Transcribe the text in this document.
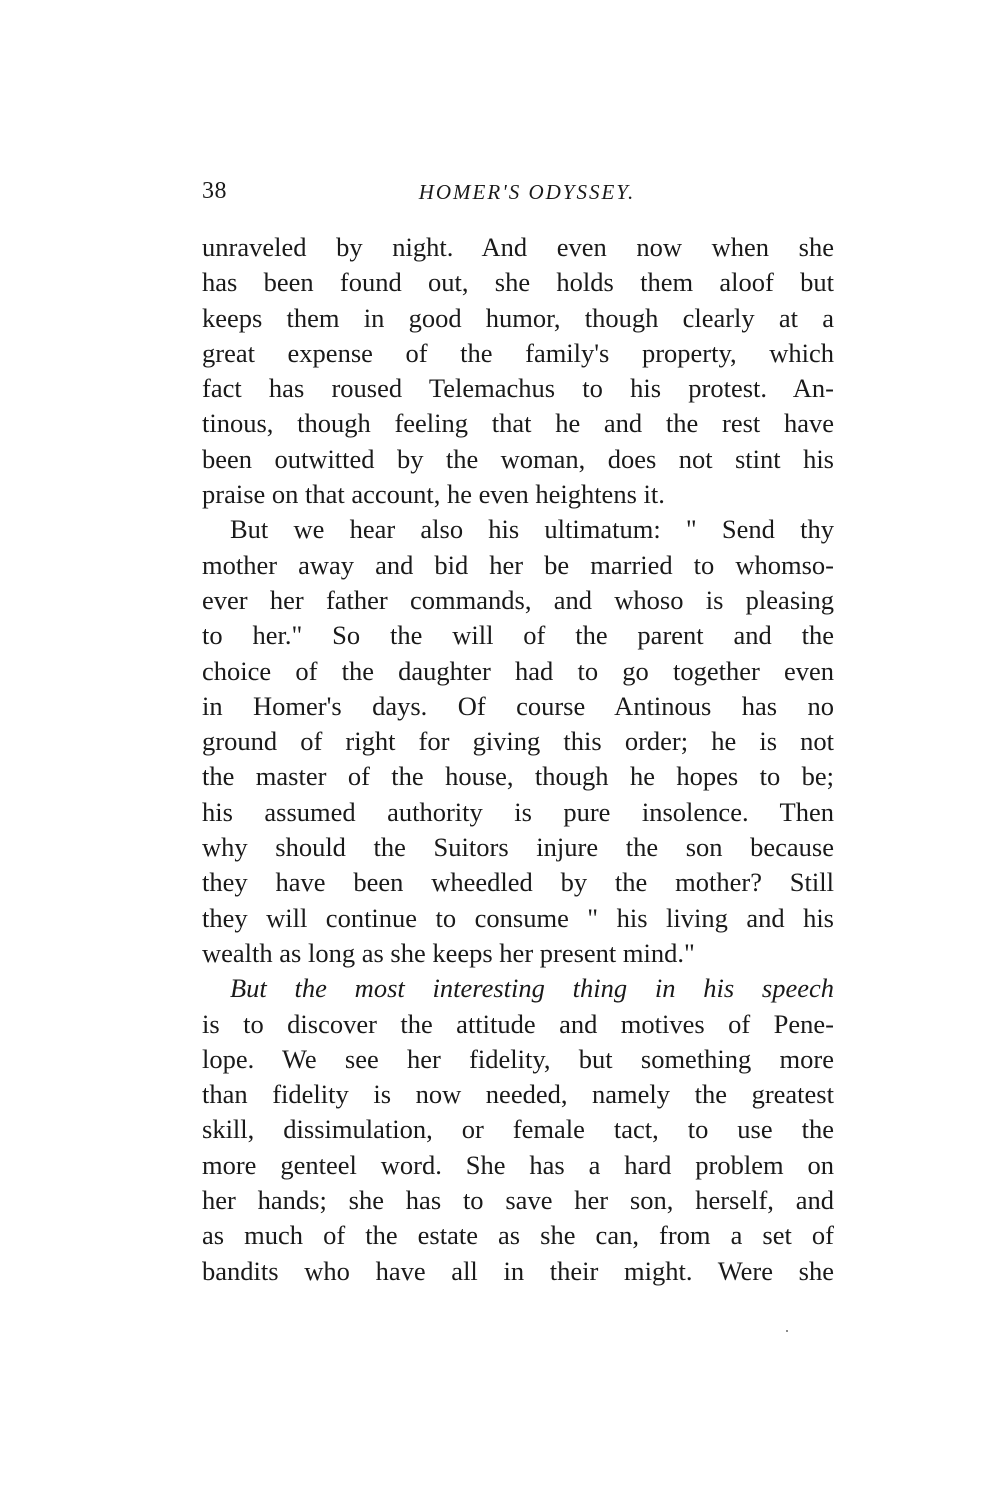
38	HOMER'S ODYSSEY.
unraveled by night. And even now when she
has been found out, she holds them aloof but
keeps them in good humor, though clearly at a
great expense of the family's property, which
fact has roused Telemachus to his protest. An-
tinous, though feeling that he and the rest have
been outwitted by the woman, does not stint his
praise on that account, he even heightens it.
But we hear also his ultimatum: " Send thy
mother away and bid her be married to whomso-
ever her father commands, and whoso is pleasing
to her." So the will of the parent and the
choice of the daughter had to go together even
in Homer's days. Of course Antinous has no
ground of right for giving this order; he is not
the master of the house, though he hopes to be;
his assumed authority is pure insolence. Then
why should the Suitors injure the son because
they have been wheedled by the mother? Still
they will continue to consume " his living and his
wealth as long as she keeps her present mind."
But the most interesting thing in his speech
is to discover the attitude and motives of Pene-
lope. We see her fidelity, but something more
than fidelity is now needed, namely the greatest
skill, dissimulation, or female tact, to use the
more genteel word. She has a hard problem on
her hands; she has to save her son, herself, and
as much of the estate as she can, from a set of
bandits who have all in their might. Were she
